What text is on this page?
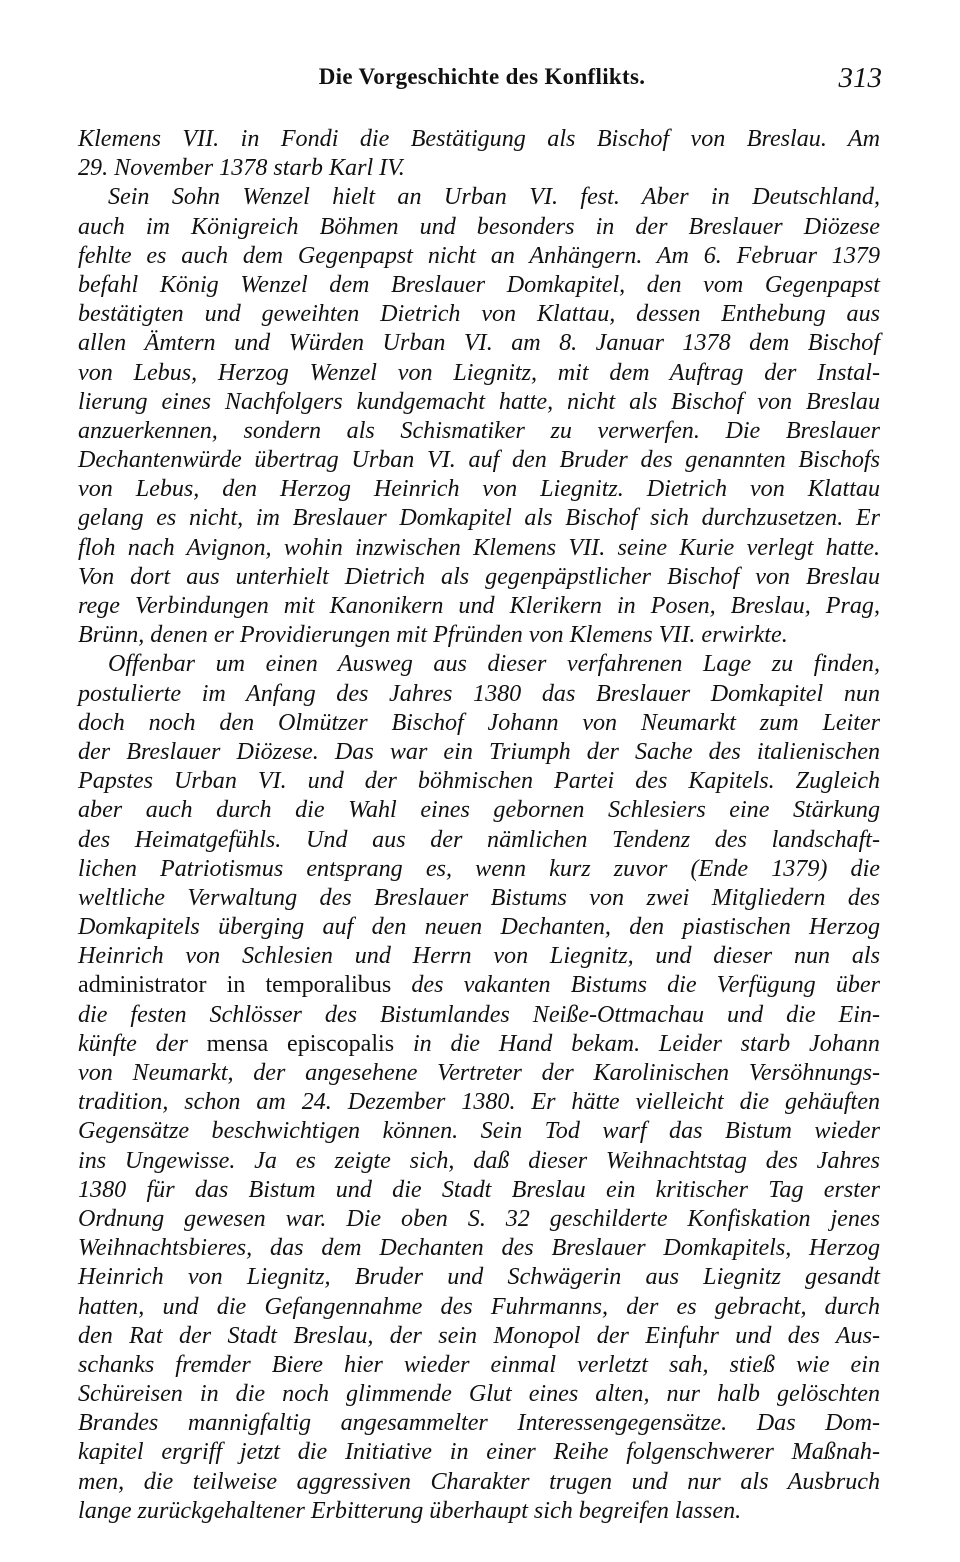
Die Vorgeschichte des Konflikts.	313
Klemens VII. in Fondi die Bestätigung als Bischof von Breslau. Am
29. November 1378 starb Karl IV.
Sein Sohn Wenzel hielt an Urban VI. fest. Aber in Deutschland,
auch im Königreich Böhmen und besonders in der Breslauer Diözese
fehlte es auch dem Gegenpapst nicht an Anhängern. Am 6. Februar 1379
befahl König Wenzel dem Breslauer Domkapitel, den vom Gegenpapst
bestätigten und geweihten Dietrich von Klattau, dessen Enthebung aus
allen Ämtern und Würden Urban VI. am 8. Januar 1378 dem Bischof
von Lebus, Herzog Wenzel von Liegnitz, mit dem Auftrag der Instal-
lierung eines Nachfolgers kundgemacht hatte, nicht als Bischof von Breslau
anzuerkennen, sondern als Schismatiker zu verwerfen. Die Breslauer
Dechantenwürde übertrag Urban VI. auf den Bruder des genannten Bischofs
von Lebus, den Herzog Heinrich von Liegnitz. Dietrich von Klattau
gelang es nicht, im Breslauer Domkapitel als Bischof sich durchzusetzen. Er
floh nach Avignon, wohin inzwischen Klemens VII. seine Kurie verlegt hatte.
Von dort aus unterhielt Dietrich als gegenpäpstlicher Bischof von Breslau
rege Verbindungen mit Kanonikern und Klerikern in Posen, Breslau, Prag,
Brünn, denen er Providierungen mit Pfründen von Klemens VII. erwirkte.
Offenbar um einen Ausweg aus dieser verfahrenen Lage zu finden,
postulierte im Anfang des Jahres 1380 das Breslauer Domkapitel nun
doch noch den Olmützer Bischof Johann von Neumarkt zum Leiter
der Breslauer Diözese. Das war ein Triumph der Sache des italienischen
Papstes Urban VI. und der böhmischen Partei des Kapitels. Zugleich
aber auch durch die Wahl eines gebornen Schlesiers eine Stärkung
des Heimatgefühls. Und aus der nämlichen Tendenz des landschaft-
lichen Patriotismus entsprang es, wenn kurz zuvor (Ende 1379) die
weltliche Verwaltung des Breslauer Bistums von zwei Mitgliedern des
Domkapitels überging auf den neuen Dechanten, den piastischen Herzog
Heinrich von Schlesien und Herrn von Liegnitz, und dieser nun als
administrator in temporalibus des vakanten Bistums die Verfügung über
die festen Schlösser des Bistumlandes Neiße-Ottmachau und die Ein-
künfte der mensa episcopalis in die Hand bekam. Leider starb Johann
von Neumarkt, der angesehene Vertreter der Karolinischen Versöhnungs-
tradition, schon am 24. Dezember 1380. Er hätte vielleicht die gehäuften
Gegensätze beschwichtigen können. Sein Tod warf das Bistum wieder
ins Ungewisse. Ja es zeigte sich, daß dieser Weihnachtstag des Jahres
1380 für das Bistum und die Stadt Breslau ein kritischer Tag erster
Ordnung gewesen war. Die oben S. 32 geschilderte Konfiskation jenes
Weihnachtsbieres, das dem Dechanten des Breslauer Domkapitels, Herzog
Heinrich von Liegnitz, Bruder und Schwägerin aus Liegnitz gesandt
hatten, und die Gefangennahme des Fuhrmanns, der es gebracht, durch
den Rat der Stadt Breslau, der sein Monopol der Einfuhr und des Aus-
schanks fremder Biere hier wieder einmal verletzt sah, stieß wie ein
Schüreisen in die noch glimmende Glut eines alten, nur halb gelöschten
Brandes mannigfaltig angesammelter Interessengegensätze. Das Dom-
kapitel ergriff jetzt die Initiative in einer Reihe folgenschwerer Maßnah-
men, die teilweise aggressiven Charakter trugen und nur als Ausbruch
lange zurückgehaltener Erbitterung überhaupt sich begreifen lassen.
